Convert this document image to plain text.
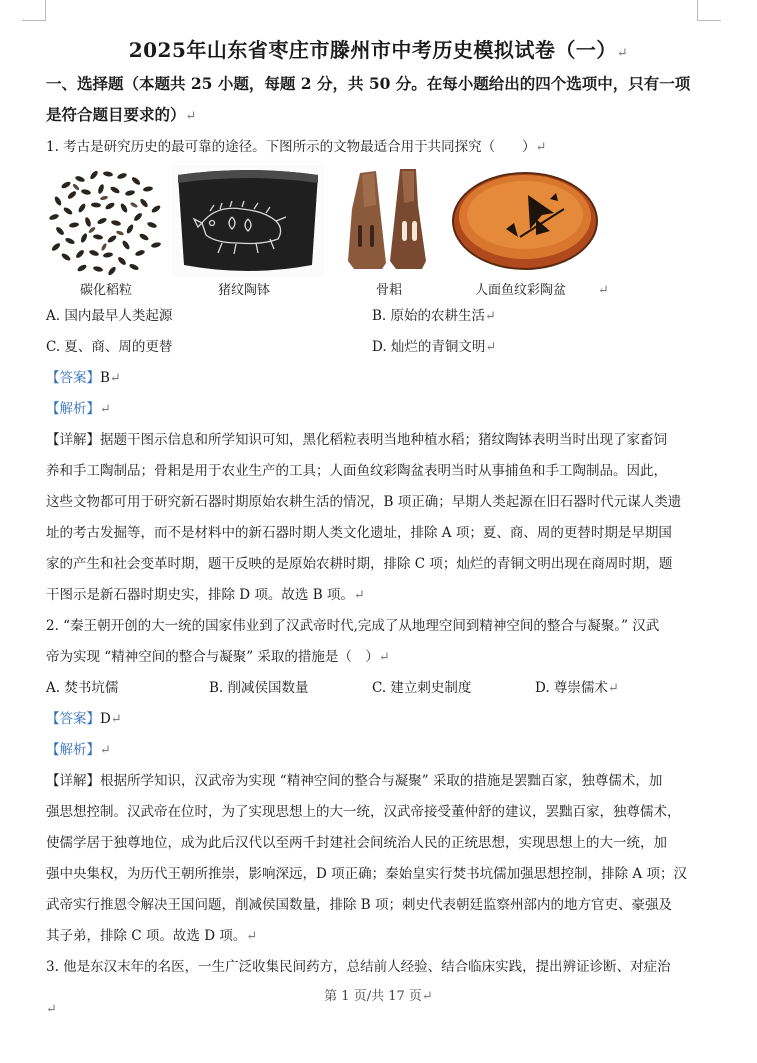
2025年山东省枣庄市滕州市中考历史模拟试卷（一）↵
一、选择题（本题共 25 小题，每题 2 分，共 50 分。在每小题给出的四个选项中，只有一项
是符合题目要求的）↵

1. 考古是研究历史的最可靠的途径。下图所示的文物最适合用于共同探究（　　）↵

碳化稻粒	猪纹陶钵	骨耜	人面鱼纹彩陶盆 ↵
A. 国内最早人类起源	B. 原始的农耕生活↵
C. 夏、商、周的更替	D. 灿烂的青铜文明↵

【答案】B↵

【解析】↵

【详解】据题干图示信息和所学知识可知，黑化稻粒表明当地种植水稻；猪纹陶钵表明当时出现了家畜饲

养和手工陶制品；骨耜是用于农业生产的工具；人面鱼纹彩陶盆表明当时从事捕鱼和手工陶制品。因此，

这些文物都可用于研究新石器时期原始农耕生活的情况，B 项正确；早期人类起源在旧石器时代元谋人类遗

址的考古发掘等，而不是材料中的新石器时期人类文化遗址，排除 A 项；夏、商、周的更替时期是早期国

家的产生和社会变革时期，题干反映的是原始农耕时期，排除 C 项；灿烂的青铜文明出现在商周时期，题

干图示是新石器时期史实，排除 D 项。故选 B 项。↵

2. “秦王朝开创的大一统的国家伟业到了汉武帝时代,完成了从地理空间到精神空间的整合与凝聚。” 汉武

帝为实现 “精神空间的整合与凝聚” 采取的措施是（　）↵

A. 焚书坑儒	B. 削减侯国数量	C. 建立刺史制度	D. 尊崇儒术↵

【答案】D↵

【解析】↵

【详解】根据所学知识，汉武帝为实现 “精神空间的整合与凝聚” 采取的措施是罢黜百家，独尊儒术，加

强思想控制。汉武帝在位时，为了实现思想上的大一统，汉武帝接受董仲舒的建议，罢黜百家，独尊儒术，

使儒学居于独尊地位，成为此后汉代以至两千封建社会间统治人民的正统思想，实现思想上的大一统，加

强中央集权，为历代王朝所推崇，影响深远，D 项正确；秦始皇实行焚书坑儒加强思想控制，排除 A 项；汉

武帝实行推恩令解决王国问题，削减侯国数量，排除 B 项；刺史代表朝廷监察州部内的地方官吏、豪强及

其子弟，排除 C 项。故选 D 项。↵

3. 他是东汉末年的名医，一生广泛收集民间药方，总结前人经验、结合临床实践，提出辨证诊断、对症治

第 1 页/共 17 页↵
↵
